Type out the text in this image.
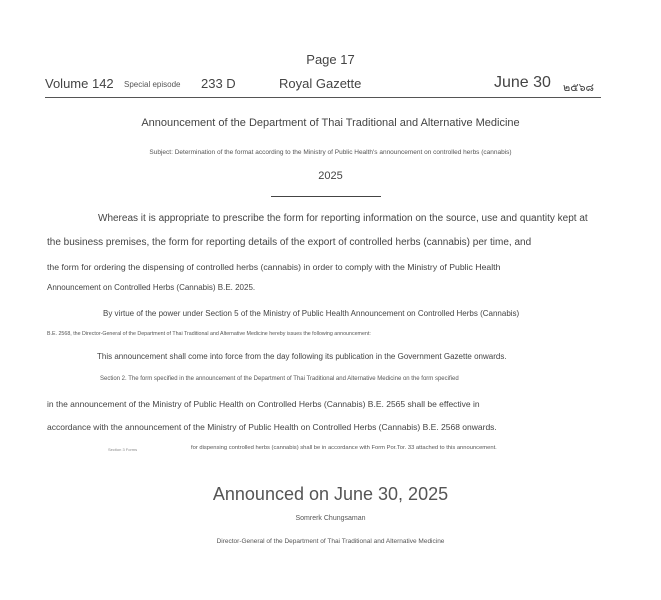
Page 17
Volume 142 Special episode 233 D	Royal Gazette	June 30 ๒๕๖๘
Announcement of the Department of Thai Traditional and Alternative Medicine
Subject: Determination of the format according to the Ministry of Public Health's announcement on controlled herbs (cannabis)
2025
Whereas it is appropriate to prescribe the form for reporting information on the source, use and quantity kept at
the business premises, the form for reporting details of the export of controlled herbs (cannabis) per time, and
the form for ordering the dispensing of controlled herbs (cannabis) in order to comply with the Ministry of Public Health
Announcement on Controlled Herbs (Cannabis) B.E. 2025.
By virtue of the power under Section 5 of the Ministry of Public Health Announcement on Controlled Herbs (Cannabis)
B.E. 2568, the Director-General of the Department of Thai Traditional and Alternative Medicine hereby issues the following announcement:
This announcement shall come into force from the day following its publication in the Government Gazette onwards.
Section 2. The form specified in the announcement of the Department of Thai Traditional and Alternative Medicine on the form specified
in the announcement of the Ministry of Public Health on Controlled Herbs (Cannabis) B.E. 2565 shall be effective in
accordance with the announcement of the Ministry of Public Health on Controlled Herbs (Cannabis) B.E. 2568 onwards.
Section 3 Forms	for dispensing controlled herbs (cannabis) shall be in accordance with Form Por.Tor. 33 attached to this announcement.
Announced on June 30, 2025
Somrerk Chungsaman
Director-General of the Department of Thai Traditional and Alternative Medicine
